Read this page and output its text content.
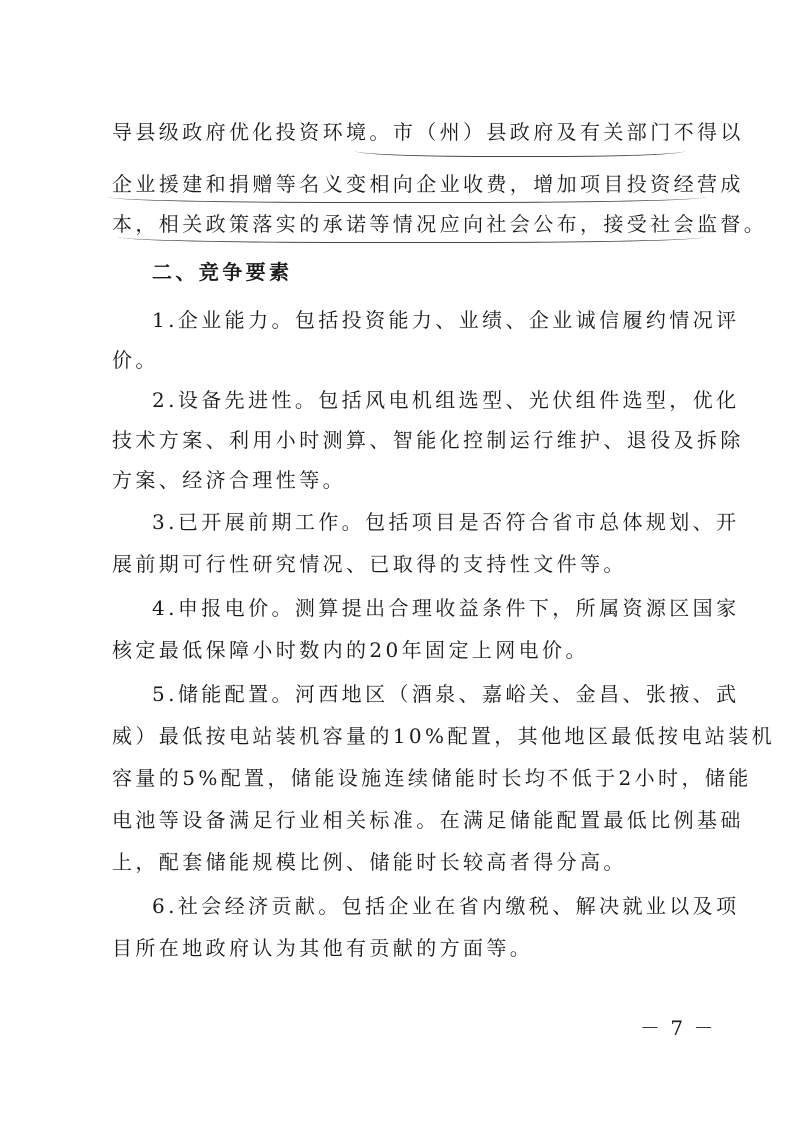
导县级政府优化投资环境。市（州）县政府及有关部门不得以
企业援建和捐赠等名义变相向企业收费，增加项目投资经营成
本，相关政策落实的承诺等情况应向社会公布，接受社会监督。
二、竞争要素
1.企业能力。包括投资能力、业绩、企业诚信履约情况评
价。
2.设备先进性。包括风电机组选型、光伏组件选型，优化
技术方案、利用小时测算、智能化控制运行维护、退役及拆除
方案、经济合理性等。
3.已开展前期工作。包括项目是否符合省市总体规划、开
展前期可行性研究情况、已取得的支持性文件等。
4.申报电价。测算提出合理收益条件下，所属资源区国家
核定最低保障小时数内的20年固定上网电价。
5.储能配置。河西地区（酒泉、嘉峪关、金昌、张掖、武
威）最低按电站装机容量的10%配置，其他地区最低按电站装机
容量的5%配置，储能设施连续储能时长均不低于2小时，储能
电池等设备满足行业相关标准。在满足储能配置最低比例基础
上，配套储能规模比例、储能时长较高者得分高。
6.社会经济贡献。包括企业在省内缴税、解决就业以及项
目所在地政府认为其他有贡献的方面等。
－ 7 －
